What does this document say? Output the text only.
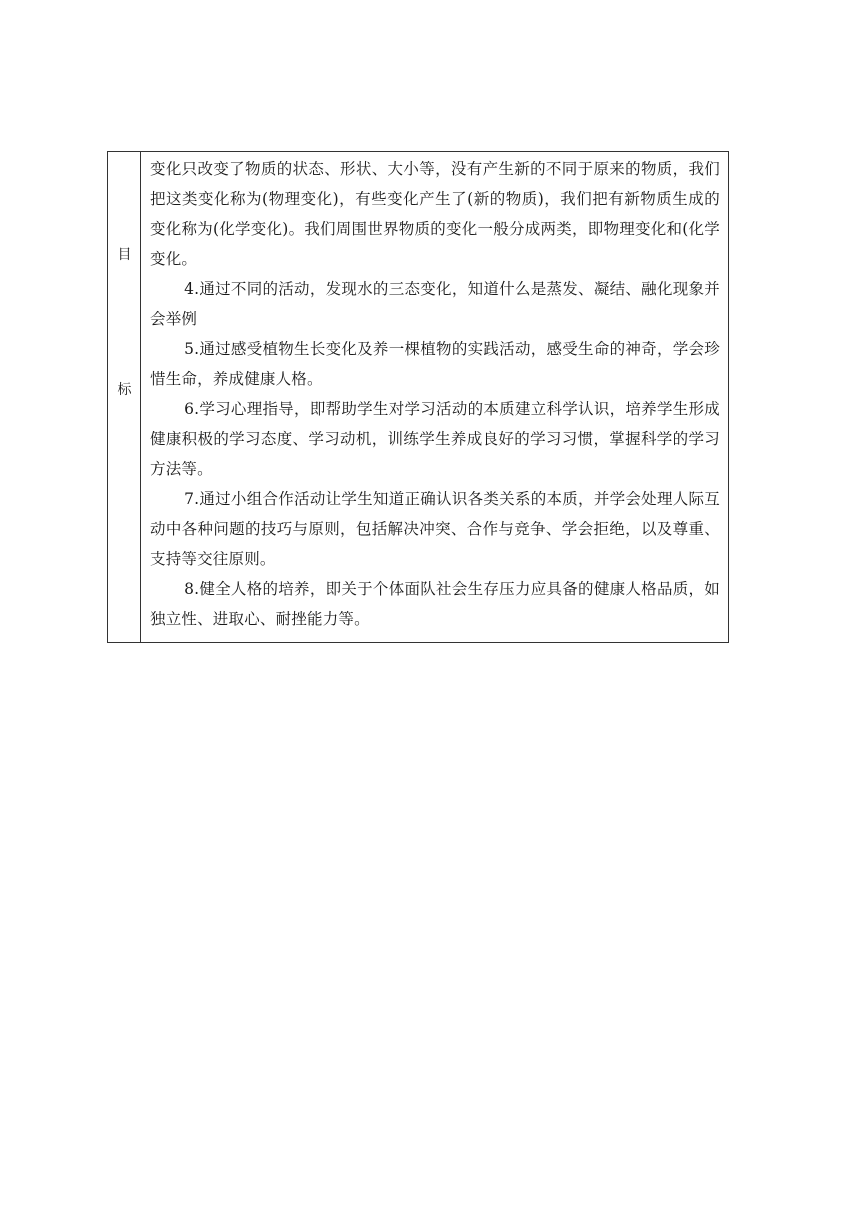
目
标

变化只改变了物质的状态、形状、大小等，没有产生新的不同于原来的物质，我们把这类变化称为(物理变化)，有些变化产生了(新的物质)，我们把有新物质生成的变化称为(化学变化)。我们周围世界物质的变化一般分成两类，即物理变化和(化学变化。

4.通过不同的活动，发现水的三态变化，知道什么是蒸发、凝结、融化现象并会举例

5.通过感受植物生长变化及养一棵植物的实践活动，感受生命的神奇，学会珍惜生命，养成健康人格。

6.学习心理指导，即帮助学生对学习活动的本质建立科学认识，培养学生形成健康积极的学习态度、学习动机，训练学生养成良好的学习习惯，掌握科学的学习方法等。

7.通过小组合作活动让学生知道正确认识各类关系的本质，并学会处理人际互动中各种问题的技巧与原则，包括解决冲突、合作与竞争、学会拒绝，以及尊重、支持等交往原则。

8.健全人格的培养，即关于个体面队社会生存压力应具备的健康人格品质，如独立性、进取心、耐挫能力等。
